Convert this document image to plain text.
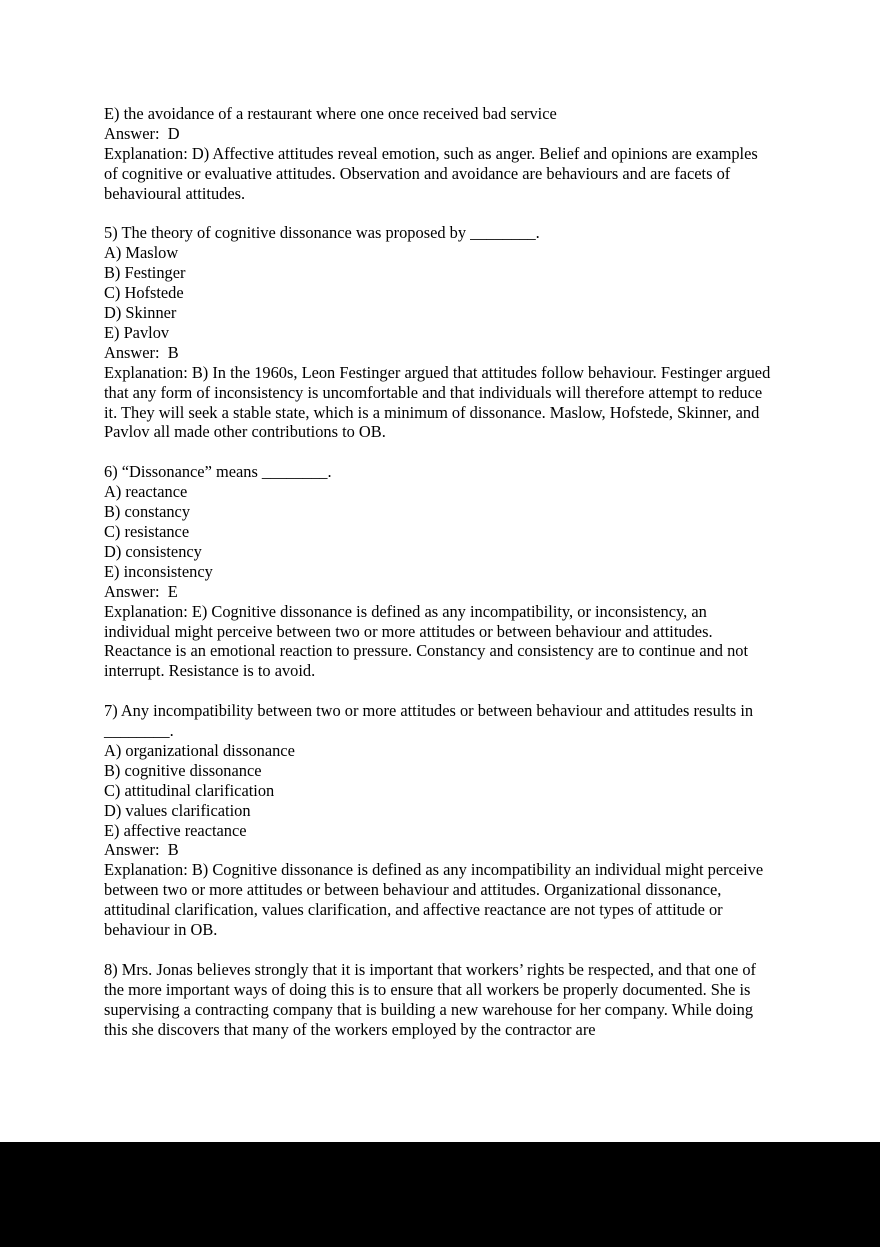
E) the avoidance of a restaurant where one once received bad service
Answer:  D
Explanation: D) Affective attitudes reveal emotion, such as anger. Belief and opinions are examples of cognitive or evaluative attitudes. Observation and avoidance are behaviours and are facets of behavioural attitudes.
5) The theory of cognitive dissonance was proposed by ________.
A) Maslow
B) Festinger
C) Hofstede
D) Skinner
E) Pavlov
Answer:  B
Explanation: B) In the 1960s, Leon Festinger argued that attitudes follow behaviour. Festinger argued that any form of inconsistency is uncomfortable and that individuals will therefore attempt to reduce it. They will seek a stable state, which is a minimum of dissonance. Maslow, Hofstede, Skinner, and Pavlov all made other contributions to OB.
6) “Dissonance” means ________.
A) reactance
B) constancy
C) resistance
D) consistency
E) inconsistency
Answer:  E
Explanation: E) Cognitive dissonance is defined as any incompatibility, or inconsistency, an individual might perceive between two or more attitudes or between behaviour and attitudes. Reactance is an emotional reaction to pressure. Constancy and consistency are to continue and not interrupt. Resistance is to avoid.
7) Any incompatibility between two or more attitudes or between behaviour and attitudes results in ________.
A) organizational dissonance
B) cognitive dissonance
C) attitudinal clarification
D) values clarification
E) affective reactance
Answer:  B
Explanation: B) Cognitive dissonance is defined as any incompatibility an individual might perceive between two or more attitudes or between behaviour and attitudes. Organizational dissonance, attitudinal clarification, values clarification, and affective reactance are not types of attitude or behaviour in OB.
8) Mrs. Jonas believes strongly that it is important that workers’ rights be respected, and that one of the more important ways of doing this is to ensure that all workers be properly documented. She is supervising a contracting company that is building a new warehouse for her company. While doing this she discovers that many of the workers employed by the contractor are
